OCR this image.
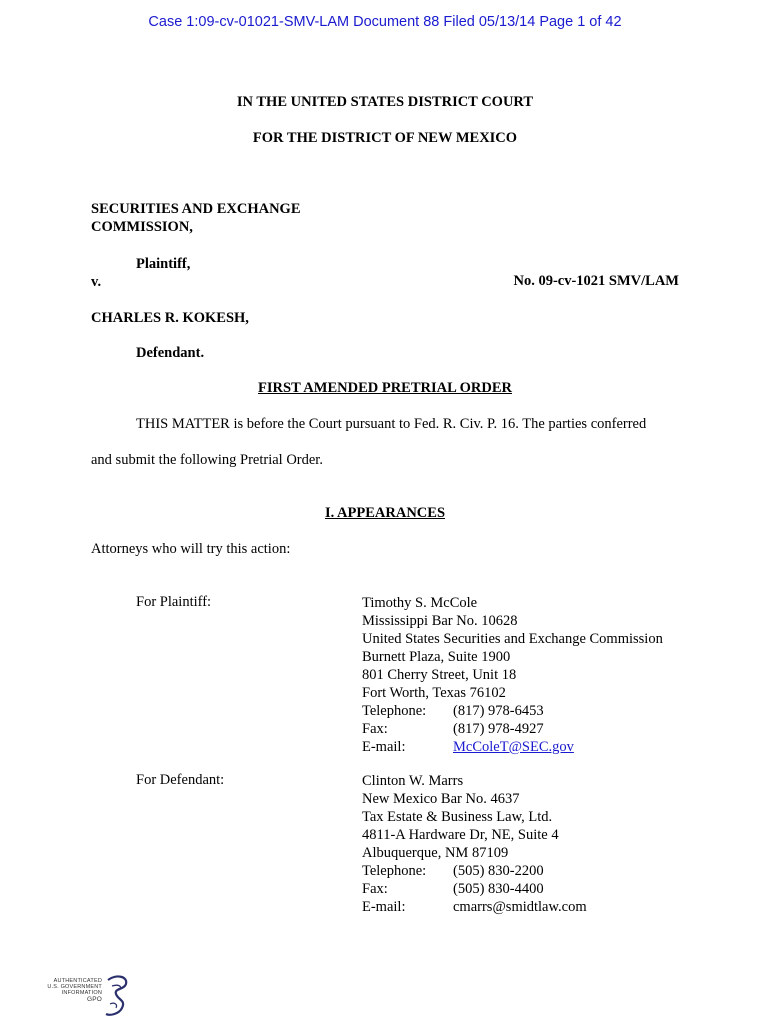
Case 1:09-cv-01021-SMV-LAM Document 88 Filed 05/13/14 Page 1 of 42
IN THE UNITED STATES DISTRICT COURT
FOR THE DISTRICT OF NEW MEXICO
SECURITIES AND EXCHANGE
COMMISSION,
Plaintiff,
v.	No. 09-cv-1021 SMV/LAM
CHARLES R. KOKESH,
Defendant.
FIRST AMENDED PRETRIAL ORDER
THIS MATTER is before the Court pursuant to Fed. R. Civ. P. 16. The parties conferred
and submit the following Pretrial Order.
I. APPEARANCES
Attorneys who will try this action:
For Plaintiff:	Timothy S. McCole
Mississippi Bar No. 10628
United States Securities and Exchange Commission
Burnett Plaza, Suite 1900
801 Cherry Street, Unit 18
Fort Worth, Texas 76102
Telephone:	(817) 978-6453
Fax:	(817) 978-4927
E-mail:	McColeT@SEC.gov
For Defendant:	Clinton W. Marrs
New Mexico Bar No. 4637
Tax Estate & Business Law, Ltd.
4811-A Hardware Dr, NE, Suite 4
Albuquerque, NM 87109
Telephone:	(505) 830-2200
Fax:	(505) 830-4400
E-mail:	cmarrs@smidtlaw.com
AUTHENTICATED
U.S. GOVERNMENT
INFORMATION
GPO
